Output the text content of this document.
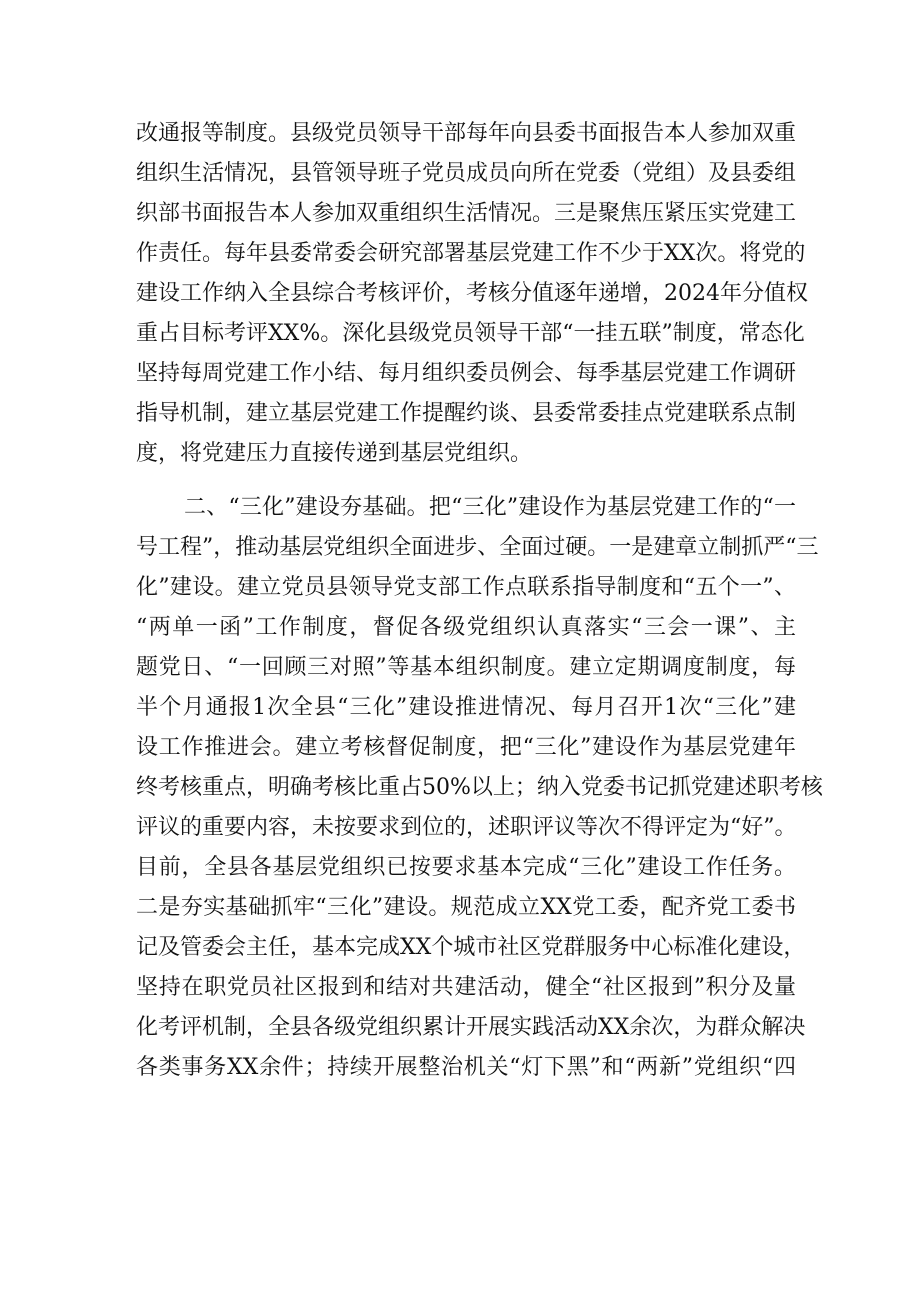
改通报等制度。县级党员领导干部每年向县委书面报告本人参加双重
组织生活情况，县管领导班子党员成员向所在党委（党组）及县委组
织部书面报告本人参加双重组织生活情况。三是聚焦压紧压实党建工
作责任。每年县委常委会研究部署基层党建工作不少于XX次。将党的
建设工作纳入全县综合考核评价，考核分值逐年递增，2024年分值权
重占目标考评XX%。深化县级党员领导干部“一挂五联”制度，常态化
坚持每周党建工作小结、每月组织委员例会、每季基层党建工作调研
指导机制，建立基层党建工作提醒约谈、县委常委挂点党建联系点制
度，将党建压力直接传递到基层党组织。
二、“三化”建设夯基础。把“三化”建设作为基层党建工作的“一
号工程”，推动基层党组织全面进步、全面过硬。一是建章立制抓严“三
化”建设。建立党员县领导党支部工作点联系指导制度和“五个一”、
“两单一函”工作制度，督促各级党组织认真落实“三会一课”、主
题党日、“一回顾三对照”等基本组织制度。建立定期调度制度，每
半个月通报1次全县“三化”建设推进情况、每月召开1次“三化”建
设工作推进会。建立考核督促制度，把“三化”建设作为基层党建年
终考核重点，明确考核比重占50%以上；纳入党委书记抓党建述职考核
评议的重要内容，未按要求到位的，述职评议等次不得评定为“好”。
目前，全县各基层党组织已按要求基本完成“三化”建设工作任务。
二是夯实基础抓牢“三化”建设。规范成立XX党工委，配齐党工委书
记及管委会主任，基本完成XX个城市社区党群服务中心标准化建设，
坚持在职党员社区报到和结对共建活动，健全“社区报到”积分及量
化考评机制，全县各级党组织累计开展实践活动XX余次，为群众解决
各类事务XX余件；持续开展整治机关“灯下黑”和“两新”党组织“四
